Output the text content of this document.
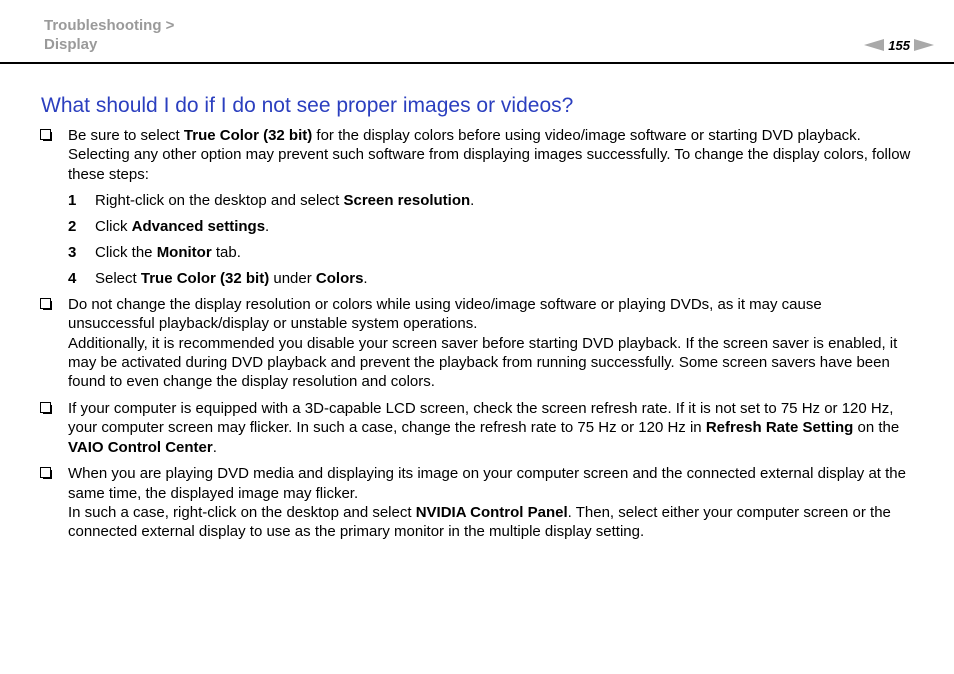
Troubleshooting >
Display	155
What should I do if I do not see proper images or videos?
Be sure to select True Color (32 bit) for the display colors before using video/image software or starting DVD playback. Selecting any other option may prevent such software from displaying images successfully. To change the display colors, follow these steps:
1 Right-click on the desktop and select Screen resolution.
2 Click Advanced settings.
3 Click the Monitor tab.
4 Select True Color (32 bit) under Colors.
Do not change the display resolution or colors while using video/image software or playing DVDs, as it may cause unsuccessful playback/display or unstable system operations.
Additionally, it is recommended you disable your screen saver before starting DVD playback. If the screen saver is enabled, it may be activated during DVD playback and prevent the playback from running successfully. Some screen savers have been found to even change the display resolution and colors.
If your computer is equipped with a 3D-capable LCD screen, check the screen refresh rate. If it is not set to 75 Hz or 120 Hz, your computer screen may flicker. In such a case, change the refresh rate to 75 Hz or 120 Hz in Refresh Rate Setting on the VAIO Control Center.
When you are playing DVD media and displaying its image on your computer screen and the connected external display at the same time, the displayed image may flicker.
In such a case, right-click on the desktop and select NVIDIA Control Panel. Then, select either your computer screen or the connected external display to use as the primary monitor in the multiple display setting.
